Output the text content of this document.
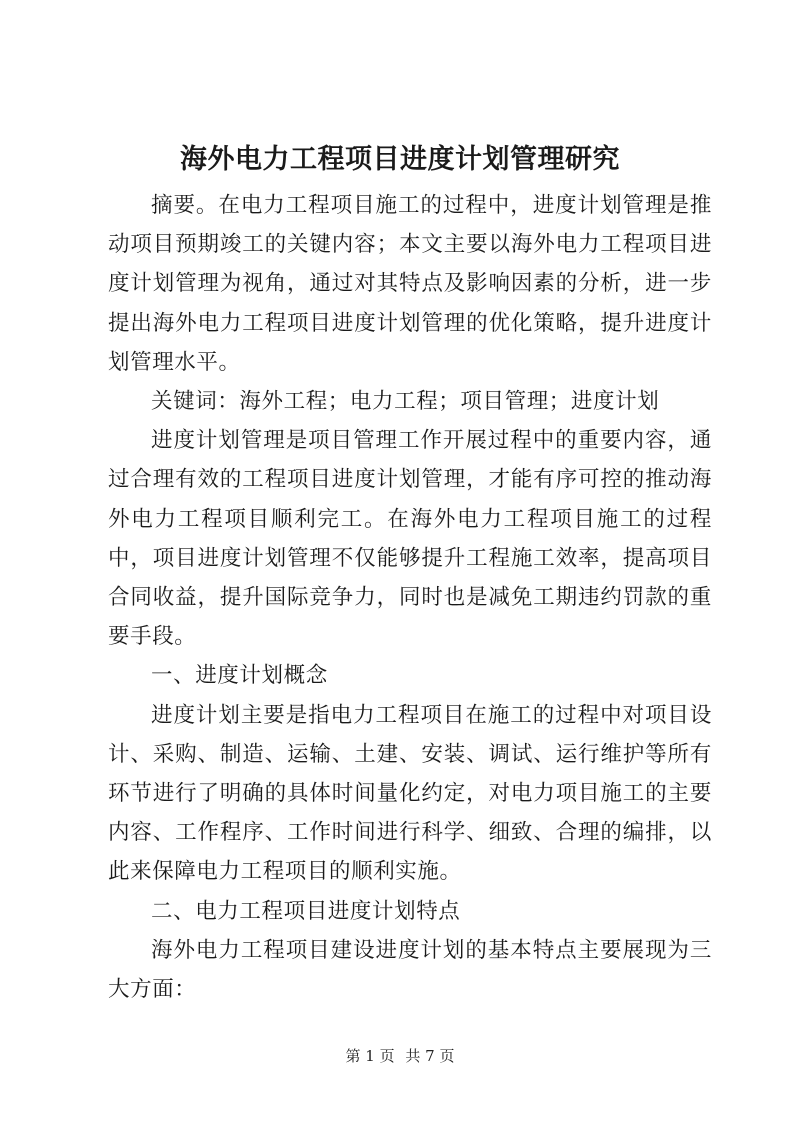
海外电力工程项目进度计划管理研究

摘要。在电力工程项目施工的过程中，进度计划管理是推动项目预期竣工的关键内容；本文主要以海外电力工程项目进度计划管理为视角，通过对其特点及影响因素的分析，进一步提出海外电力工程项目进度计划管理的优化策略，提升进度计划管理水平。

关键词：海外工程；电力工程；项目管理；进度计划

进度计划管理是项目管理工作开展过程中的重要内容，通过合理有效的工程项目进度计划管理，才能有序可控的推动海外电力工程项目顺利完工。在海外电力工程项目施工的过程中，项目进度计划管理不仅能够提升工程施工效率，提高项目合同收益，提升国际竞争力，同时也是减免工期违约罚款的重要手段。

一、进度计划概念

进度计划主要是指电力工程项目在施工的过程中对项目设计、采购、制造、运输、土建、安装、调试、运行维护等所有环节进行了明确的具体时间量化约定，对电力项目施工的主要内容、工作程序、工作时间进行科学、细致、合理的编排，以此来保障电力工程项目的顺利实施。

二、电力工程项目进度计划特点

海外电力工程项目建设进度计划的基本特点主要展现为三大方面：

第 1 页 共 7 页
